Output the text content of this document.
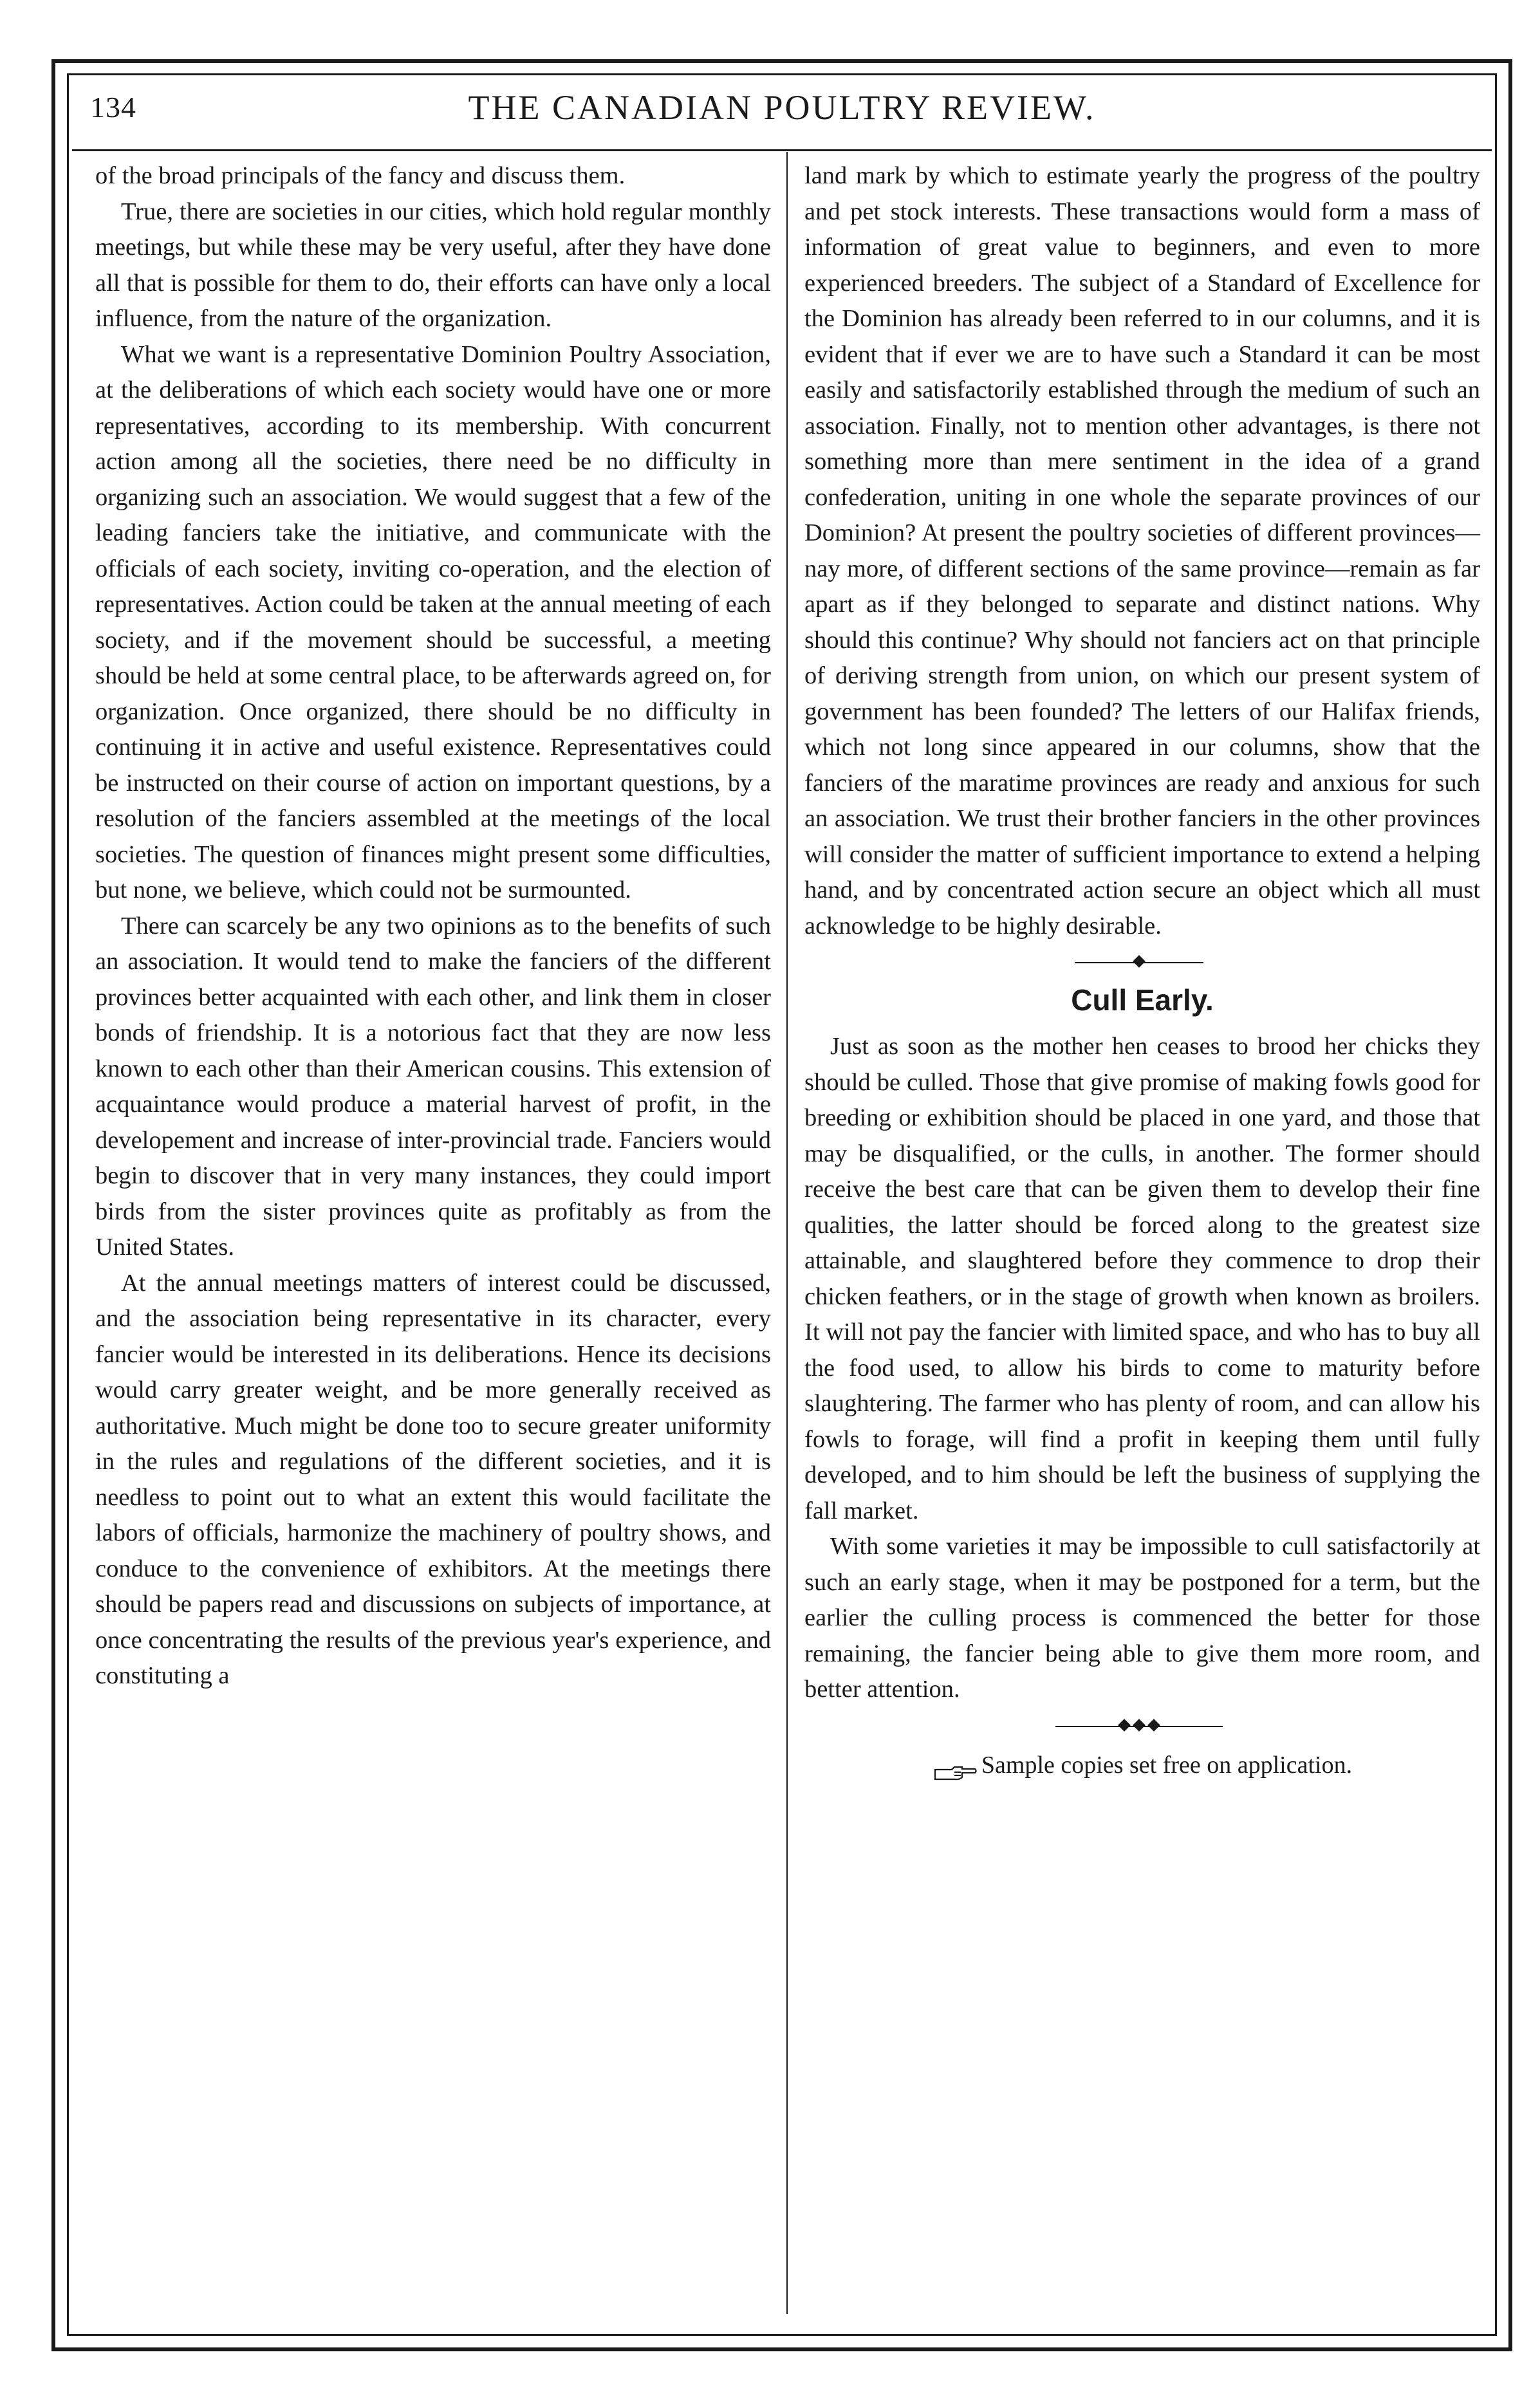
134	THE CANADIAN POULTRY REVIEW.

of the broad principals of the fancy and discuss them.

True, there are societies in our cities, which hold regular monthly meetings, but while these may be very useful, after they have done all that is possible for them to do, their efforts can have only a local influence, from the nature of the organization.

What we want is a representative Dominion Poultry Association, at the deliberations of which each society would have one or more representatives, according to its membership. With concurrent action among all the societies, there need be no difficulty in organizing such an association. We would suggest that a few of the leading fanciers take the initiative, and communicate with the officials of each society, inviting co-operation, and the election of representatives. Action could be taken at the annual meeting of each society, and if the movement should be successful, a meeting should be held at some central place, to be afterwards agreed on, for organization. Once organized, there should be no difficulty in continuing it in active and useful existence. Representatives could be instructed on their course of action on important questions, by a resolution of the fanciers assembled at the meetings of the local societies. The question of finances might present some difficulties, but none, we believe, which could not be surmounted.

There can scarcely be any two opinions as to the benefits of such an association. It would tend to make the fanciers of the different provinces better acquainted with each other, and link them in closer bonds of friendship. It is a notorious fact that they are now less known to each other than their American cousins. This extension of acquaintance would produce a material harvest of profit, in the developement and increase of inter-provincial trade. Fanciers would begin to discover that in very many instances, they could import birds from the sister provinces quite as profitably as from the United States.

At the annual meetings matters of interest could be discussed, and the association being representative in its character, every fancier would be interested in its deliberations. Hence its decisions would carry greater weight, and be more generally received as authoritative. Much might be done too to secure greater uniformity in the rules and regulations of the different societies, and it is needless to point out to what an extent this would facilitate the labors of officials, harmonize the machinery of poultry shows, and conduce to the convenience of exhibitors. At the meetings there should be papers read and discussions on subjects of importance, at once concentrating the results of the previous year's experience, and constituting a

land mark by which to estimate yearly the progress of the poultry and pet stock interests. These transactions would form a mass of information of great value to beginners, and even to more experienced breeders. The subject of a Standard of Excellence for the Dominion has already been referred to in our columns, and it is evident that if ever we are to have such a Standard it can be most easily and satisfactorily established through the medium of such an association. Finally, not to mention other advantages, is there not something more than mere sentiment in the idea of a grand confederation, uniting in one whole the separate provinces of our Dominion? At present the poultry societies of different provinces—nay more, of different sections of the same province—remain as far apart as if they belonged to separate and distinct nations. Why should this continue? Why should not fanciers act on that principle of deriving strength from union, on which our present system of government has been founded? The letters of our Halifax friends, which not long since appeared in our columns, show that the fanciers of the maratime provinces are ready and anxious for such an association. We trust their brother fanciers in the other provinces will consider the matter of sufficient importance to extend a helping hand, and by concentrated action secure an object which all must acknowledge to be highly desirable.

Cull Early.

Just as soon as the mother hen ceases to brood her chicks they should be culled. Those that give promise of making fowls good for breeding or exhibition should be placed in one yard, and those that may be disqualified, or the culls, in another. The former should receive the best care that can be given them to develop their fine qualities, the latter should be forced along to the greatest size attainable, and slaughtered before they commence to drop their chicken feathers, or in the stage of growth when known as broilers. It will not pay the fancier with limited space, and who has to buy all the food used, to allow his birds to come to maturity before slaughtering. The farmer who has plenty of room, and can allow his fowls to forage, will find a profit in keeping them until fully developed, and to him should be left the business of supplying the fall market.

With some varieties it may be impossible to cull satisfactorily at such an early stage, when it may be postponed for a term, but the earlier the culling process is commenced the better for those remaining, the fancier being able to give them more room, and better attention.

Sample copies set free on application.
